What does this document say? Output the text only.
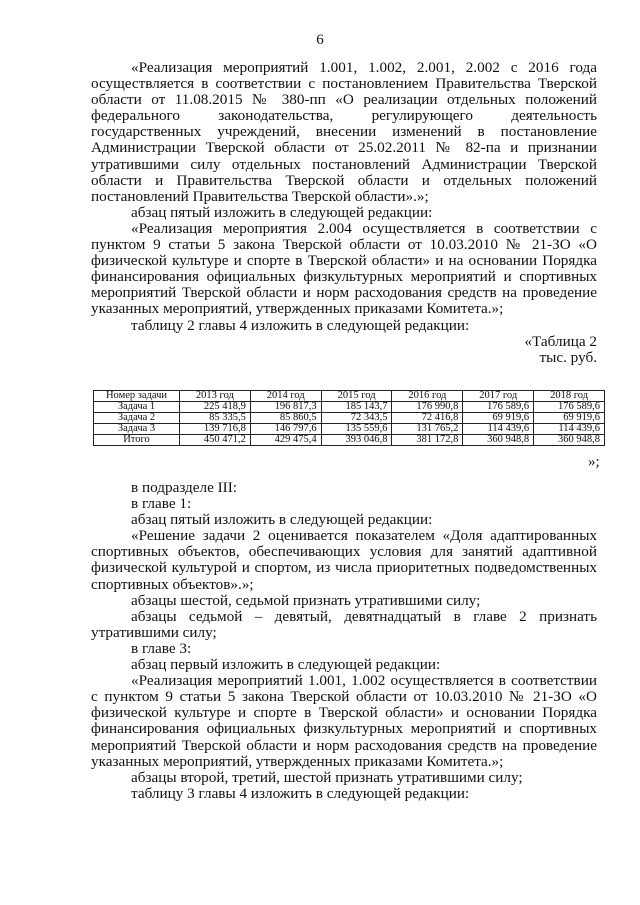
6

«Реализация мероприятий 1.001, 1.002, 2.001, 2.002 с 2016 года осуществляется в соответствии с постановлением Правительства Тверской области от 11.08.2015 № 380-пп «О реализации отдельных положений федерального законодательства, регулирующего деятельность государственных учреждений, внесении изменений в постановление Администрации Тверской области от 25.02.2011 № 82-па и признании утратившими силу отдельных постановлений Администрации Тверской области и Правительства Тверской области и отдельных положений постановлений Правительства Тверской области».»;

абзац пятый изложить в следующей редакции:

«Реализация мероприятия 2.004 осуществляется в соответствии с пунктом 9 статьи 5 закона Тверской области от 10.03.2010 № 21-ЗО «О физической культуре и спорте в Тверской области» и на основании Порядка финансирования официальных физкультурных мероприятий и спортивных мероприятий Тверской области и норм расходования средств на проведение указанных мероприятий, утвержденных приказами Комитета.»;

таблицу 2 главы 4 изложить в следующей редакции:

«Таблица 2

тыс. руб.

Номер задачи	2013 год	2014 год	2015 год	2016 год	2017 год	2018 год
Задача 1	225 418,9	196 817,3	185 143,7	176 990,8	176 589,6	176 589,6
Задача 2	85 335,5	85 860,5	72 343,5	72 416,8	69 919,6	69 919,6
Задача 3	139 716,8	146 797,6	135 559,6	131 765,2	114 439,6	114 439,6
Итого	450 471,2	429 475,4	393 046,8	381 172,8	360 948,8	360 948,8
»;

в подразделе III:

в главе 1:

абзац пятый изложить в следующей редакции:

«Решение задачи 2 оценивается показателем «Доля адаптированных спортивных объектов, обеспечивающих условия для занятий адаптивной физической культурой и спортом, из числа приоритетных подведомственных спортивных объектов».»;

абзацы шестой, седьмой признать утратившими силу;

абзацы седьмой – девятый, девятнадцатый в главе 2 признать утратившими силу;

в главе 3:

абзац первый изложить в следующей редакции:

«Реализация мероприятий 1.001, 1.002 осуществляется в соответствии с пунктом 9 статьи 5 закона Тверской области от 10.03.2010 № 21-ЗО «О физической культуре и спорте в Тверской области» и основании Порядка финансирования официальных физкультурных мероприятий и спортивных мероприятий Тверской области и норм расходования средств на проведение указанных мероприятий, утвержденных приказами Комитета.»;

абзацы второй, третий, шестой признать утратившими силу;

таблицу 3 главы 4 изложить в следующей редакции:
